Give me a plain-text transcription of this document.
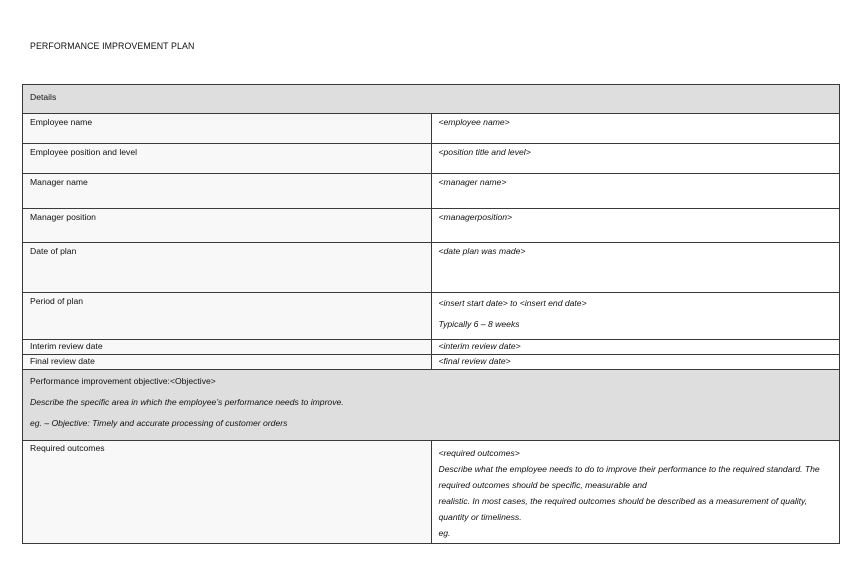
PERFORMANCE IMPROVEMENT PLAN
Details	
Employee name	<employee name>
Employee position and level	<position title and level>
Manager name	<manager name>
Manager position	<managerposition>
Date of plan	<date plan was made>
Period of plan	<insert start date> to <insert end date>

Typically 6 – 8 weeks

Interim review date	<interim review date>
Final review date	<final review date>

Performance improvement objective:<Objective>

Describe the specific area in which the employee’s performance needs to improve.

eg. – Objective: Timely and accurate processing of customer orders	

Required outcomes	<required outcomes>

Describe what the employee needs to do to improve their performance to the required standard. The required outcomes should be specific, measurable and

realistic. In most cases, the required outcomes should be described as a measurement of quality, quantity or timeliness.

eg.
